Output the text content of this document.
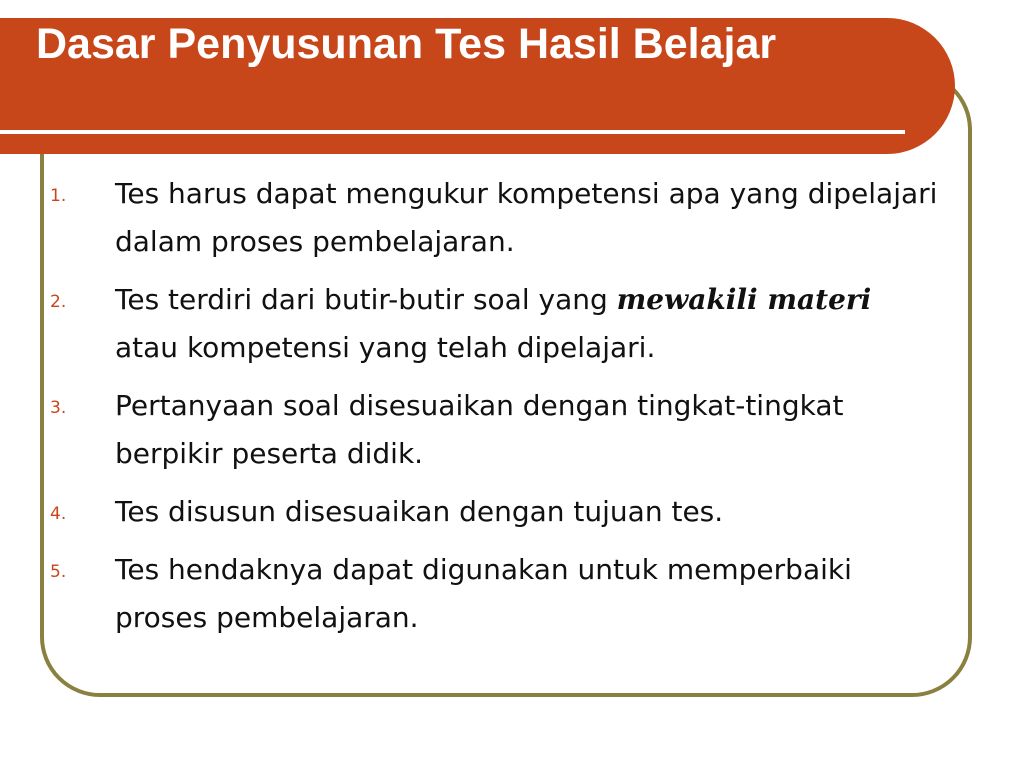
Dasar Penyusunan Tes Hasil Belajar
1. Tes harus dapat mengukur kompetensi apa yang dipelajari dalam proses pembelajaran.
2. Tes terdiri dari butir-butir soal yang mewakili materi atau kompetensi yang telah dipelajari.
3. Pertanyaan soal disesuaikan dengan tingkat-tingkat berpikir peserta didik.
4. Tes disusun disesuaikan dengan tujuan tes.
5. Tes hendaknya dapat digunakan untuk memperbaiki proses pembelajaran.
